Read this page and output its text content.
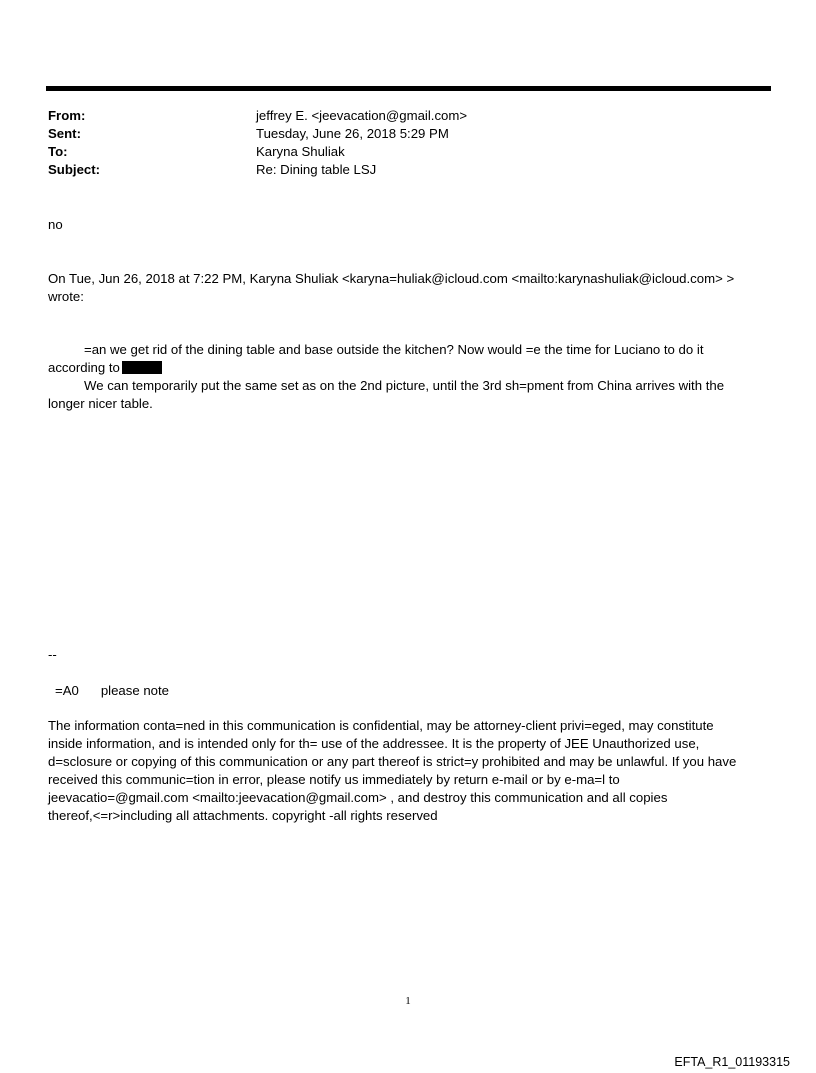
From:	jeffrey E. <jeevacation@gmail.com>
Sent:	Tuesday, June 26, 2018 5:29 PM
To:	Karyna Shuliak
Subject:	Re: Dining table LSJ
no
On Tue, Jun 26, 2018 at 7:22 PM, Karyna Shuliak <karyna=huliak@icloud.com <mailto:karynashuliak@icloud.com> >
wrote:
=an we get rid of the dining table and base outside the kitchen? Now would =e the time for Luciano to do it
according to
We can temporarily put the same set as on the 2nd picture, until the 3rd sh=pment from China arrives with the
longer nicer table.
--
=A0      please note
The information conta=ned in this communication is confidential, may be attorney-client privi=eged, may constitute
inside information, and is intended only for th= use of the addressee. It is the property of JEE Unauthorized use,
d=sclosure or copying of this communication or any part thereof is strict=y prohibited and may be unlawful. If you have
received this communic=tion in error, please notify us immediately by return e-mail or by e-ma=l to
jeevacatio=@gmail.com <mailto:jeevacation@gmail.com> , and destroy this communication and all copies
thereof,<=r>including all attachments. copyright -all rights reserved
1
EFTA_R1_01193315
